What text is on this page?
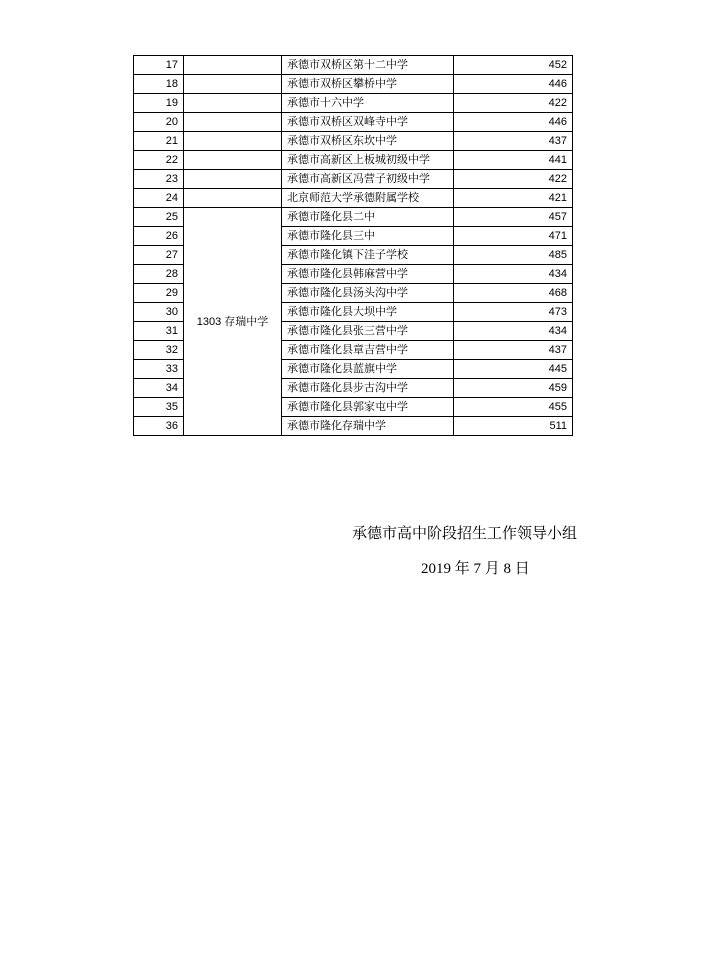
17		承德市双桥区第十二中学	452
18		承德市双桥区攀桥中学	446
19		承德市十六中学	422
20		承德市双桥区双峰寺中学	446
21		承德市双桥区东坎中学	437
22		承德市高新区上板城初级中学	441
23		承德市高新区冯营子初级中学	422
24		北京师范大学承德附属学校	421
25	1303 存瑞中学	承德市隆化县二中	457
26		承德市隆化县三中	471
27		承德市隆化镇下洼子学校	485
28		承德市隆化县韩麻营中学	434
29		承德市隆化县汤头沟中学	468
30		承德市隆化县大坝中学	473
31		承德市隆化县张三营中学	434
32		承德市隆化县章吉营中学	437
33		承德市隆化县蓝旗中学	445
34		承德市隆化县步古沟中学	459
35		承德市隆化县郭家屯中学	455
36		承德市隆化存瑞中学	511
承德市高中阶段招生工作领导小组
2019 年 7 月 8 日
